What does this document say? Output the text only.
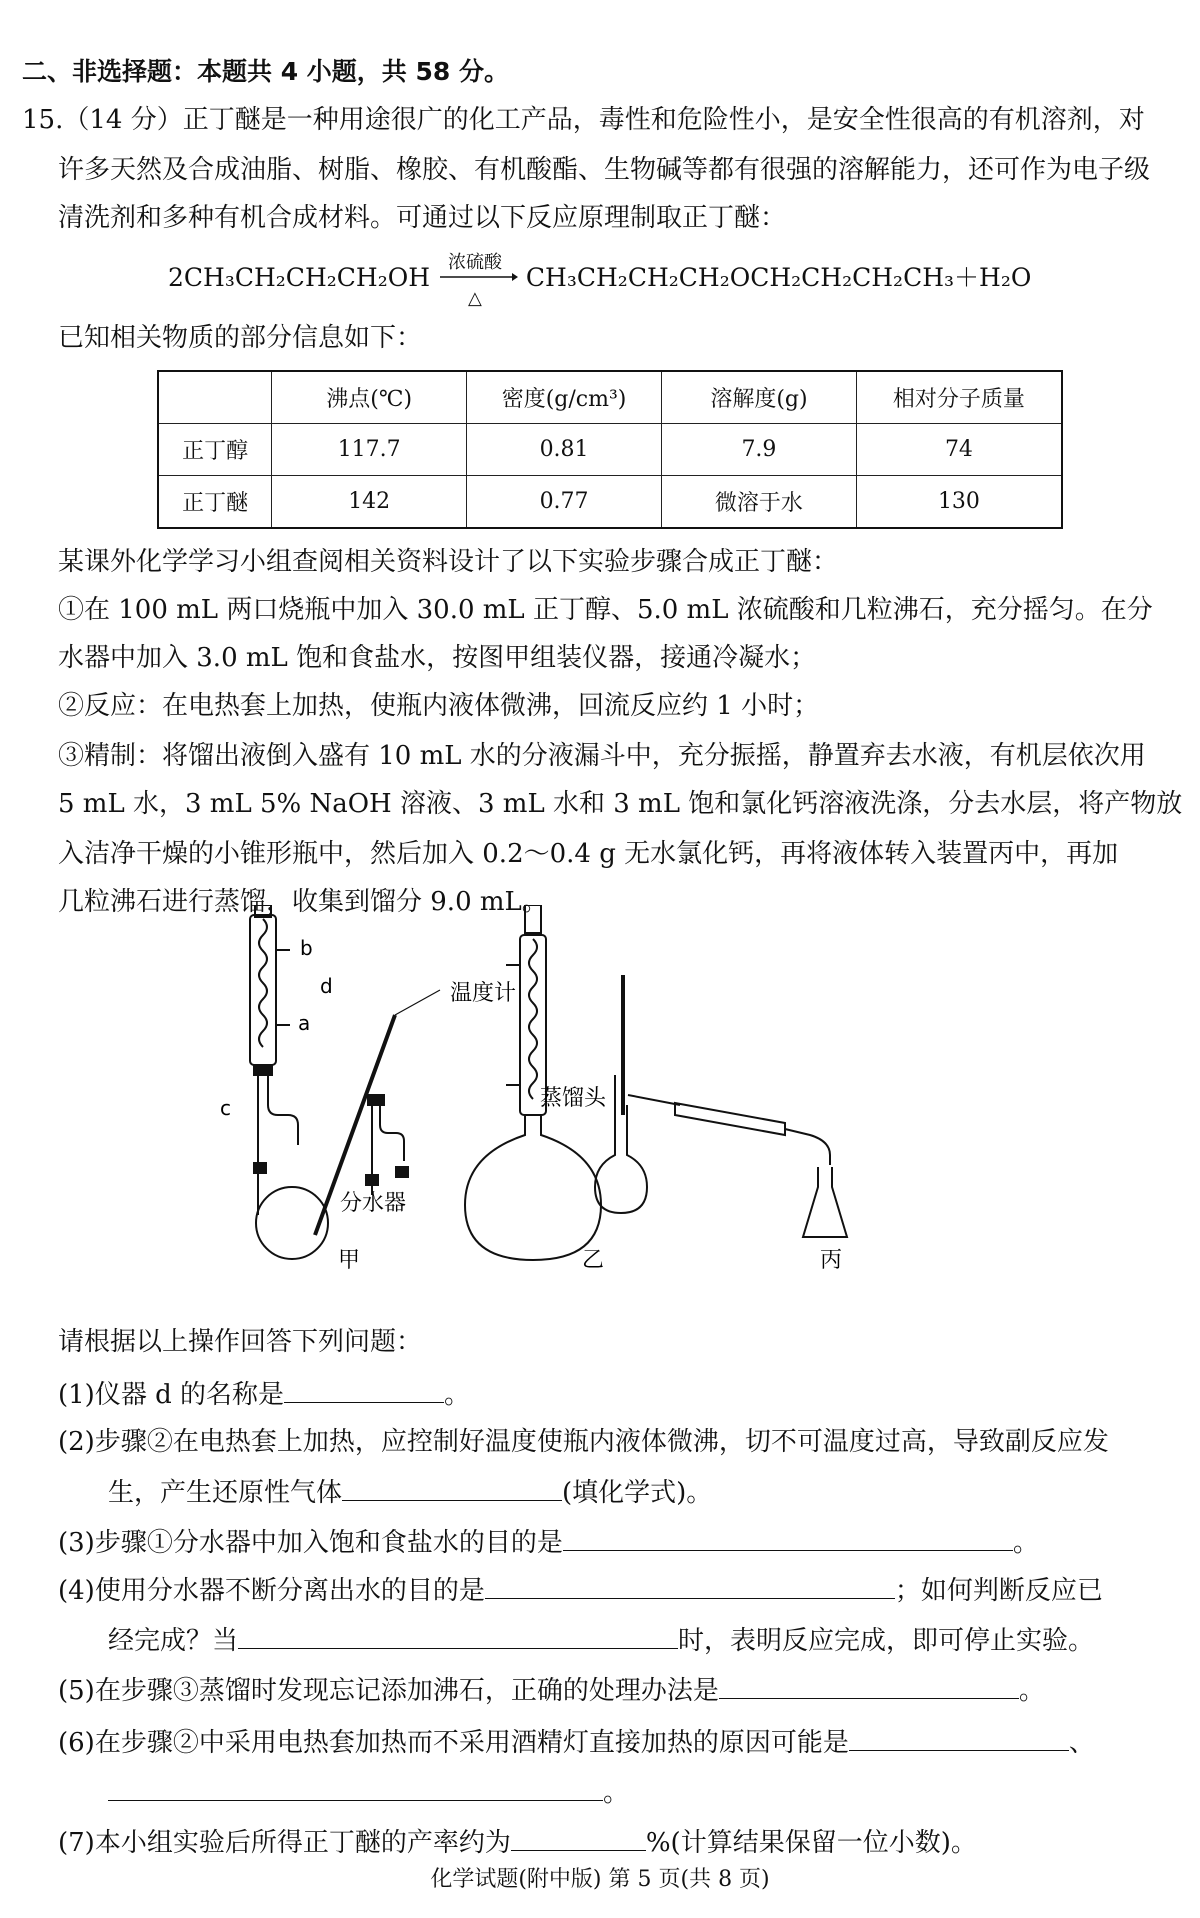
二、非选择题：本题共 4 小题，共 58 分。
15.（14 分）正丁醚是一种用途很广的化工产品，毒性和危险性小，是安全性很高的有机溶剂，对
许多天然及合成油脂、树脂、橡胶、有机酸酯、生物碱等都有很强的溶解能力，还可作为电子级
清洗剂和多种有机合成材料。可通过以下反应原理制取正丁醚：
2CH₃CH₂CH₂CH₂OH
浓硫酸
△
CH₃CH₂CH₂CH₂OCH₂CH₂CH₂CH₃＋H₂O
已知相关物质的部分信息如下：
	沸点(℃)	密度(g/cm³)	溶解度(g)	相对分子质量
正丁醇	117.7	0.81	7.9	74
正丁醚	142	0.77	微溶于水	130
某课外化学学习小组查阅相关资料设计了以下实验步骤合成正丁醚：
①在 100 mL 两口烧瓶中加入 30.0 mL 正丁醇、5.0 mL 浓硫酸和几粒沸石，充分摇匀。在分
水器中加入 3.0 mL 饱和食盐水，按图甲组装仪器，接通冷凝水；
②反应：在电热套上加热，使瓶内液体微沸，回流反应约 1 小时；
③精制：将馏出液倒入盛有 10 mL 水的分液漏斗中，充分振摇，静置弃去水液，有机层依次用
5 mL 水，3 mL 5% NaOH 溶液、3 mL 水和 3 mL 饱和氯化钙溶液洗涤，分去水层，将产物放
入洁净干燥的小锥形瓶中，然后加入 0.2～0.4 g 无水氯化钙，再将液体转入装置丙中，再加
几粒沸石进行蒸馏，收集到馏分 9.0 mL。
b
a
d
c
温度计
分水器
蒸馏头
甲	乙	丙
请根据以上操作回答下列问题：
(1)仪器 d 的名称是	。
(2)步骤②在电热套上加热，应控制好温度使瓶内液体微沸，切不可温度过高，导致副反应发
生，产生还原性气体	(填化学式)。
(3)步骤①分水器中加入饱和食盐水的目的是	。
(4)使用分水器不断分离出水的目的是	；如何判断反应已
经完成？当	时，表明反应完成，即可停止实验。
(5)在步骤③蒸馏时发现忘记添加沸石，正确的处理办法是	。
(6)在步骤②中采用电热套加热而不采用酒精灯直接加热的原因可能是	、
。
(7)本小组实验后所得正丁醚的产率约为	%(计算结果保留一位小数)。
化学试题(附中版) 第 5 页(共 8 页)
